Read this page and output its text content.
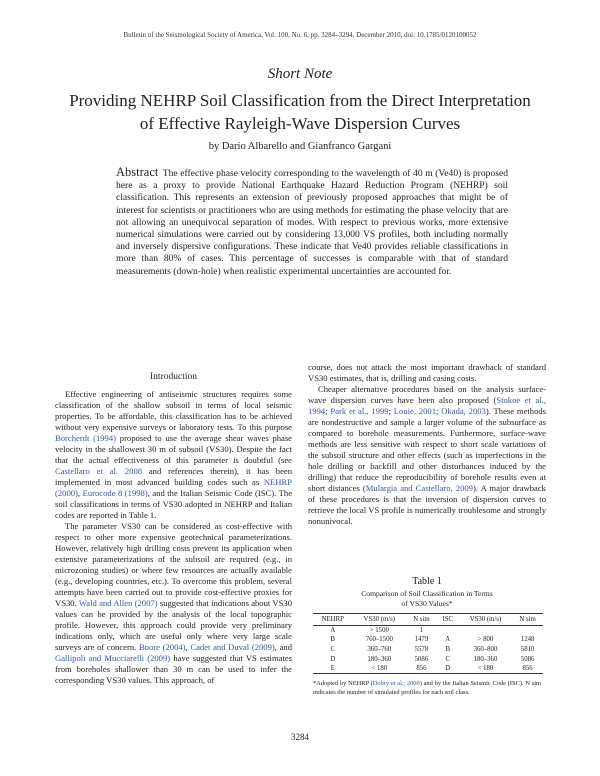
Bulletin of the Seismological Society of America, Vol. 100, No. 6, pp. 3284–3294, December 2010, doi: 10.1785/0120100052
Short Note
Providing NEHRP Soil Classification from the Direct Interpretation
of Effective Rayleigh-Wave Dispersion Curves
by Dario Albarello and Gianfranco Gargani
Abstract The effective phase velocity corresponding to the wavelength of 40 m (Ve40) is proposed here as a proxy to provide National Earthquake Hazard Reduction Program (NEHRP) soil classification. This represents an extension of previously proposed approaches that might be of interest for scientists or practitioners who are using methods for estimating the phase velocity that are not allowing an unequivocal separation of modes. With respect to previous works, more extensive numerical simulations were carried out by considering 13,000 VS profiles, both including normally and inversely dispersive configurations. These indicate that Ve40 provides reliable classifications in more than 80% of cases. This percentage of successes is comparable with that of standard measurements (down-hole) when realistic experimental uncertainties are accounted for.
Introduction

Effective engineering of antiseismic structures requires some classification of the shallow subsoil in terms of local seismic properties. To be affordable, this classification has to be achieved without very expensive surveys or laboratory tests. To this purpose Borcherdt (1994) proposed to use the average shear waves phase velocity in the shallowest 30 m of subsoil (VS30). Despite the fact that the actual effectiveness of this parameter is doubtful (see Castellaro et al. 2008 and references therein), it has been implemented in most advanced building codes such as NEHRP (2000), Eurocode 8 (1998), and the Italian Seismic Code (ISC). The soil classifications in terms of VS30 adopted in NEHRP and Italian codes are reported in Table 1.

The parameter VS30 can be considered as cost-effective with respect to other more expensive geotechnical parameterizations. However, relatively high drilling costs prevent its application when extensive parameterizations of the subsoil are required (e.g., in microzoning studies) or where few resources are actually available (e.g., developing countries, etc.). To overcome this problem, several attempts have been carried out to provide cost-effective proxies for VS30. Wald and Allen (2007) suggested that indications about VS30 values can be provided by the analysis of the local topographic profile. However, this approach could provide very preliminary indications only, which are useful only where very large scale surveys are of concern. Boore (2004), Cadet and Duval (2009), and Gallipoli and Mucciarelli (2009) have suggested that VS estimates from boreholes shallower than 30 m can be used to infer the corresponding VS30 values. This approach, of

course, does not attack the most important drawback of standard VS30 estimates, that is, drilling and casing costs.

Cheaper alternative procedures based on the analysis surface-wave dispersion curves have been also proposed (Stokoe et al., 1994; Park et al., 1999; Louie, 2001; Okada, 2003). These methods are nondestructive and sample a larger volume of the subsurface as compared to borehole measurements. Furthermore, surface-wave methods are less sensitive with respect to short scale variations of the subsoil structure and other effects (such as imperfections in the hole drilling or backfill and other disturbances induced by the drilling) that reduce the reproducibility of borehole results even at short distances (Mulargia and Castellaro, 2009). A major drawback of these procedures is that the inversion of dispersion curves to retrieve the local VS profile is numerically troublesome and strongly nonunivocal.

Table 1
Comparison of Soil Classification in Terms
of VS30 Values*
NEHRP	VS30 (m/s)	N sim	ISC	VS30 (m/s)	N sim
A	> 1500	1			
B	760–1500	1479	A	> 800	1248
C	360–760	5578	B	360–800	5810
D	180–360	5086	C	180–360	5086
E	< 180	856	D	< 180	856
*Adopted by NEHRP (Dobry et al., 2000) and by the Italian Seismic Code (ISC). N sim indicates the number of simulated profiles for each soil class.
3284
